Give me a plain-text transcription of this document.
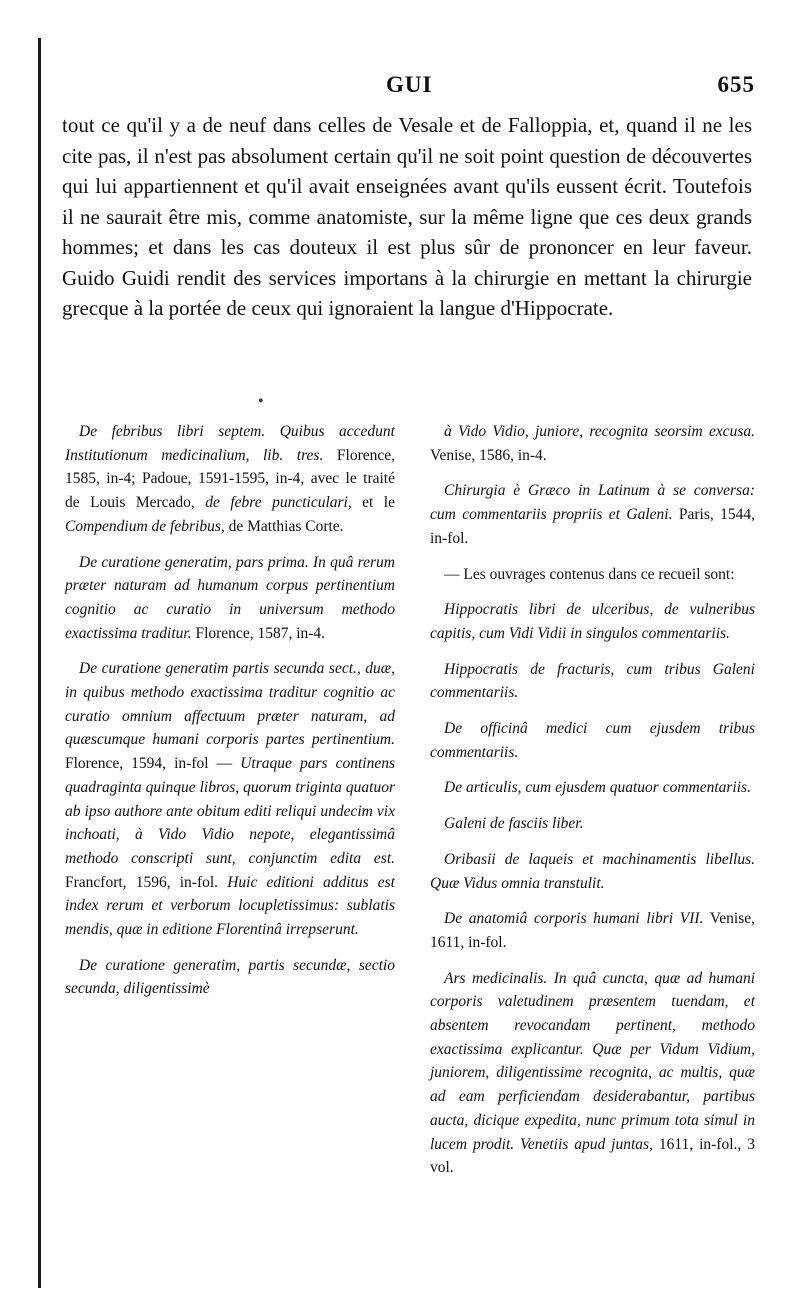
GUI	655

tout ce qu'il y a de neuf dans celles de Vesale et de Falloppia, et, quand il ne les cite pas, il n'est pas absolument certain qu'il ne soit point question de découvertes qui lui appartiennent et qu'il avait enseignées avant qu'ils eussent écrit. Toutefois il ne saurait être mis, comme anatomiste, sur la même ligne que ces deux grands hommes; et dans les cas douteux il est plus sûr de prononcer en leur faveur. Guido Guidi rendit des services importans à la chirurgie en mettant la chirurgie grecque à la portée de ceux qui ignoraient la langue d'Hippocrate.

•

De febribus libri septem. Quibus accedunt Institutionum medicinalium, lib. tres. Florence, 1585, in-4; Padoue, 1591-1595, in-4, avec le traité de Louis Mercado, de febre puncticulari, et le Compendium de febribus, de Matthias Corte.

De curatione generatim, pars prima. In quâ rerum præter naturam ad humanum corpus pertinentium cognitio ac curatio in universum methodo exactissima traditur. Florence, 1587, in-4.

De curatione generatim partis secunda sect., duæ, in quibus methodo exactissima traditur cognitio ac curatio omnium affectuum præter naturam, ad quæscumque humani corporis partes pertinentium. Florence, 1594, in-fol — Utraque pars continens quadraginta quinque libros, quorum triginta quatuor ab ipso authore ante obitum editi reliqui undecim vix inchoati, à Vido Vidio nepote, elegantissimâ methodo conscripti sunt, conjunctim edita est. Francfort, 1596, in-fol. Huic editioni additus est index rerum et verborum locupletissimus: sublatis mendis, quæ in editione Florentinâ irrepserunt.

De curatione generatim, partis secundæ, sectio secunda, diligentissimè

à Vido Vidio, juniore, recognita seorsim excusa. Venise, 1586, in-4.

Chirurgia è Græco in Latinum à se conversa: cum commentariis propriis et Galeni. Paris, 1544, in-fol.

— Les ouvrages contenus dans ce recueil sont:

Hippocratis libri de ulceribus, de vulneribus capitis, cum Vidi Vidii in singulos commentariis.

Hippocratis de fracturis, cum tribus Galeni commentariis.

De officinâ medici cum ejusdem tribus commentariis.

De articulis, cum ejusdem quatuor commentariis.

Galeni de fasciis liber.

Oribasii de laqueis et machinamentis libellus. Quæ Vidus omnia transtulit.

De anatomiâ corporis humani libri VII. Venise, 1611, in-fol.

Ars medicinalis. In quâ cuncta, quæ ad humani corporis valetudinem præsentem tuendam, et absentem revocandam pertinent, methodo exactissima explicantur. Quæ per Vidum Vidium, juniorem, diligentissime recognita, ac multis, quæ ad eam perficiendam desiderabantur, partibus aucta, dicique expedita, nunc primum tota simul in lucem prodit. Venetiis apud juntas, 1611, in-fol., 3 vol.
